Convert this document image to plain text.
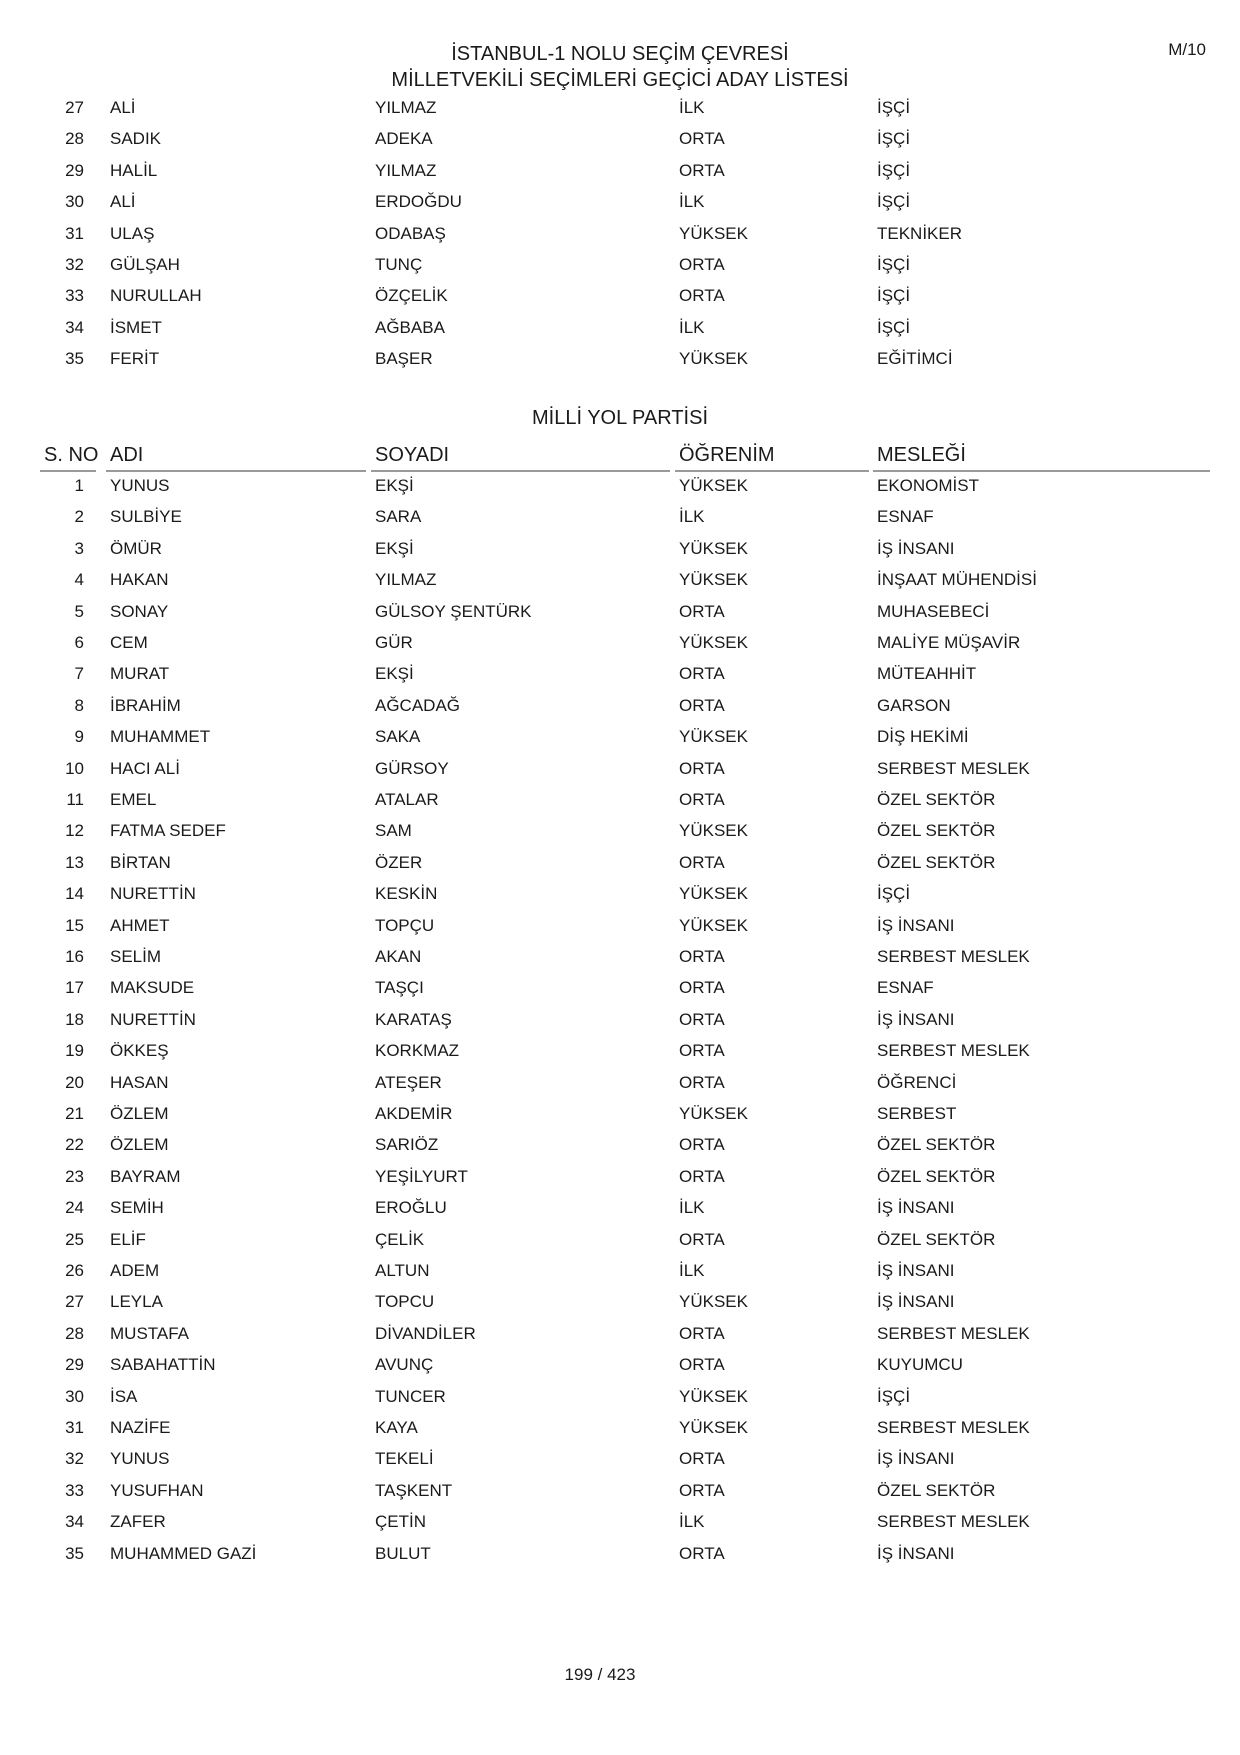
İSTANBUL-1 NOLU SEÇİM ÇEVRESİ
MİLLETVEKİLİ SEÇİMLERİ GEÇİCİ ADAY LİSTESİ
M/10
27 ALİ	YILMAZ	İLK	İŞÇİ
28 SADIK	ADEKA	ORTA	İŞÇİ
29 HALİL	YILMAZ	ORTA	İŞÇİ
30 ALİ	ERDOĞDU	İLK	İŞÇİ
31 ULAŞ	ODABAŞ	YÜKSEK	TEKNİKER
32 GÜLŞAH	TUNÇ	ORTA	İŞÇİ
33 NURULLAH	ÖZÇELİK	ORTA	İŞÇİ
34 İSMET	AĞBABA	İLK	İŞÇİ
35 FERİT	BAŞER	YÜKSEK	EĞİTİMCİ
MİLLİ YOL PARTİSİ
S. NO ADI	SOYADI	ÖĞRENİM	MESLEĞİ
1 YUNUS	EKŞİ	YÜKSEK	EKONOMİST
2 SULBİYE	SARA	İLK	ESNAF
3 ÖMÜR	EKŞİ	YÜKSEK	İŞ İNSANI
4 HAKAN	YILMAZ	YÜKSEK	İNŞAAT MÜHENDİSİ
5 SONAY	GÜLSOY ŞENTÜRK	ORTA	MUHASEBECİ
6 CEM	GÜR	YÜKSEK	MALİYE MÜŞAVİR
7 MURAT	EKŞİ	ORTA	MÜTEAHHİT
8 İBRAHİM	AĞCADAĞ	ORTA	GARSON
9 MUHAMMET	SAKA	YÜKSEK	DİŞ HEKİMİ
10 HACI ALİ	GÜRSOY	ORTA	SERBEST MESLEK
11 EMEL	ATALAR	ORTA	ÖZEL SEKTÖR
12 FATMA SEDEF	SAM	YÜKSEK	ÖZEL SEKTÖR
13 BİRTAN	ÖZER	ORTA	ÖZEL SEKTÖR
14 NURETTİN	KESKİN	YÜKSEK	İŞÇİ
15 AHMET	TOPÇU	YÜKSEK	İŞ İNSANI
16 SELİM	AKAN	ORTA	SERBEST MESLEK
17 MAKSUDE	TAŞÇI	ORTA	ESNAF
18 NURETTİN	KARATAŞ	ORTA	İŞ İNSANI
19 ÖKKEŞ	KORKMAZ	ORTA	SERBEST MESLEK
20 HASAN	ATEŞER	ORTA	ÖĞRENCİ
21 ÖZLEM	AKDEMİR	YÜKSEK	SERBEST
22 ÖZLEM	SARIÖZ	ORTA	ÖZEL SEKTÖR
23 BAYRAM	YEŞİLYURT	ORTA	ÖZEL SEKTÖR
24 SEMİH	EROĞLU	İLK	İŞ İNSANI
25 ELİF	ÇELİK	ORTA	ÖZEL SEKTÖR
26 ADEM	ALTUN	İLK	İŞ İNSANI
27 LEYLA	TOPCU	YÜKSEK	İŞ İNSANI
28 MUSTAFA	DİVANDİLER	ORTA	SERBEST MESLEK
29 SABAHATTİN	AVUNÇ	ORTA	KUYUMCU
30 İSA	TUNCER	YÜKSEK	İŞÇİ
31 NAZİFE	KAYA	YÜKSEK	SERBEST MESLEK
32 YUNUS	TEKELİ	ORTA	İŞ İNSANI
33 YUSUFHAN	TAŞKENT	ORTA	ÖZEL SEKTÖR
34 ZAFER	ÇETİN	İLK	SERBEST MESLEK
35 MUHAMMED GAZİ	BULUT	ORTA	İŞ İNSANI
199 / 423
